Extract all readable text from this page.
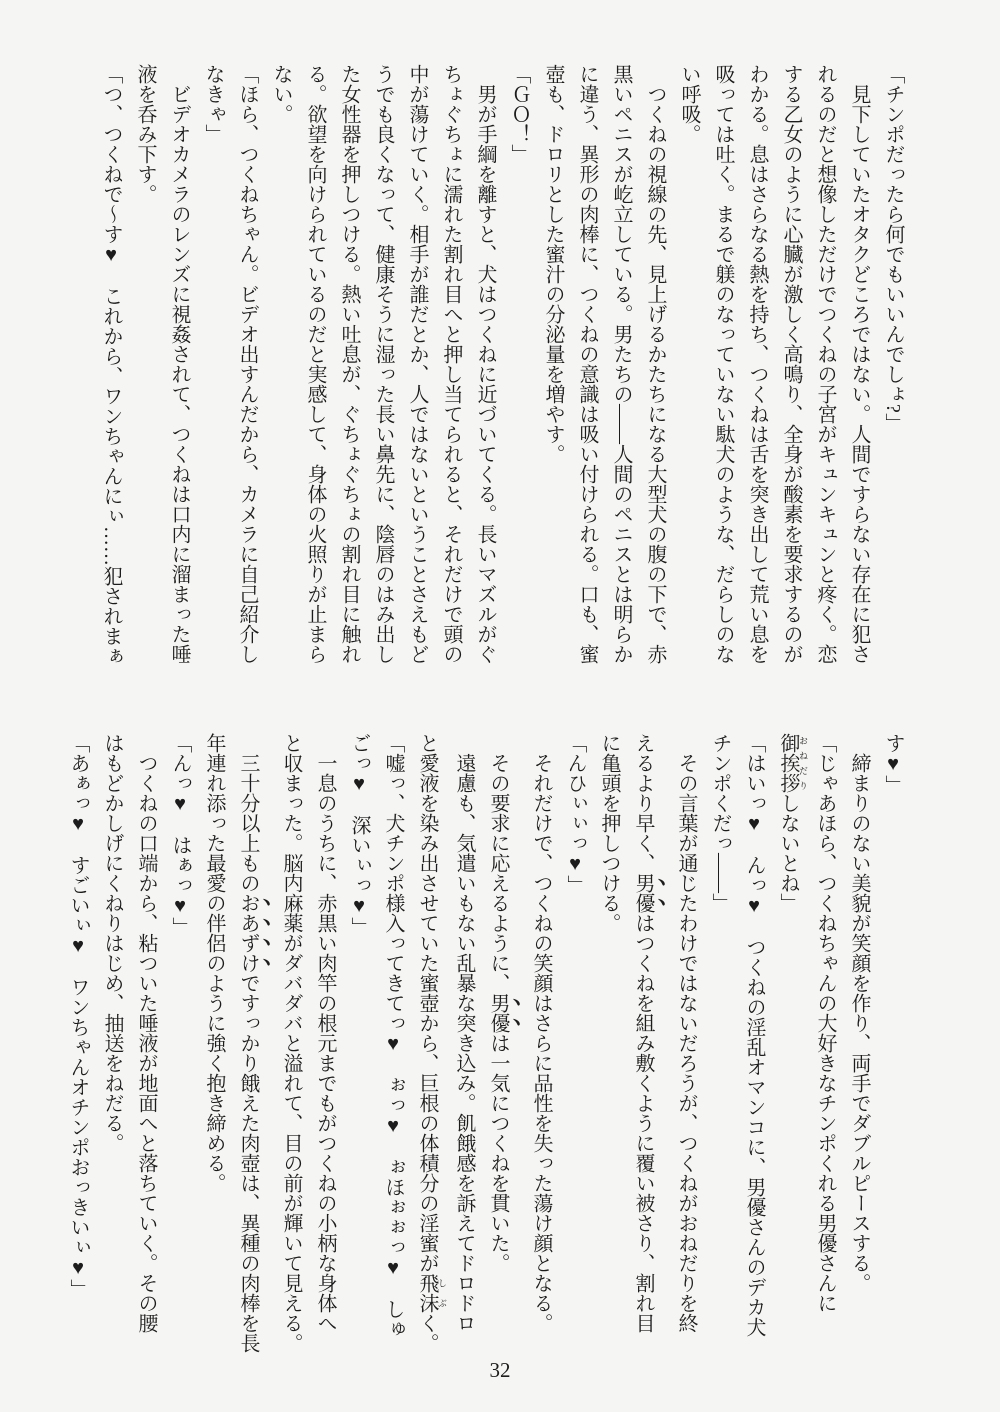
「チンポだったら何でもいいんでしょ?」
　見下していたオタクどころではない。人間ですらない存在に犯さ
れるのだと想像しただけでつくねの子宮がキュンキュンと疼く。恋
する乙女のように心臓が激しく高鳴り、全身が酸素を要求するのが
わかる。息はさらなる熱を持ち、つくねは舌を突き出して荒い息を
吸っては吐く。まるで躾のなっていない駄犬のような、だらしのな
い呼吸。
　つくねの視線の先、見上げるかたちになる大型犬の腹の下で、赤
黒いペニスが屹立している。男たちの――人間のペニスとは明らか
に違う、異形の肉棒に、つくねの意識は吸い付けられる。口も、蜜
壺も、ドロリとした蜜汁の分泌量を増やす。
「ＧＯ！」
　男が手綱を離すと、犬はつくねに近づいてくる。長いマズルがぐ
ちょぐちょに濡れた割れ目へと押し当てられると、それだけで頭の
中が蕩けていく。相手が誰だとか、人ではないということさえもど
うでも良くなって、健康そうに湿った長い鼻先に、陰唇のはみ出し
た女性器を押しつける。熱い吐息が、ぐちょぐちょの割れ目に触れ
る。欲望を向けられているのだと実感して、身体の火照りが止まら
ない。
「ほら、つくねちゃん。ビデオ出すんだから、カメラに自己紹介し
なきゃ」
　ビデオカメラのレンズに視姦されて、つくねは口内に溜まった唾
液を呑み下す。
「つ、つくねで～す♥　これから、ワンちゃんにぃ……犯されまぁ
す♥」
　締まりのない美貌が笑顔を作り、両手でダブルピースする。
「じゃあほら、つくねちゃんの大好きなチンポくれる男優さんに
御挨拶 おねだりしないとね」
「はいっ♥　んっ♥　つくねの淫乱オマンコに、男優さんのデカ犬
チンポくだっ――」
　その言葉が通じたわけではないだろうが、つくねがおねだりを終
えるより早く、男優はつくねを組み敷くように覆い被さり、割れ目
に亀頭を押しつける。
「んひぃぃっ♥」
　それだけで、つくねの笑顔はさらに品性を失った蕩け顔となる。
　その要求に応えるように、男優は一気につくねを貫いた。
　遠慮も、気遣いもない乱暴な突き込み。飢餓感を訴えてドロドロ
と愛液を染み出させていた蜜壺から、巨根の体積分の淫蜜が飛沫 しぶく。
「嘘っ、犬チンポ様入ってきてっ♥　ぉっ♥　ぉほぉぉっ♥　しゅ
ごっ♥　深いぃっ♥」
　一息のうちに、赤黒い肉竿の根元までもがつくねの小柄な身体へ
と収まった。脳内麻薬がダバダバと溢れて、目の前が輝いて見える。
　三十分以上ものおあずけですっかり餓えた肉壺は、異種の肉棒を長
年連れ添った最愛の伴侶のように強く抱き締める。
「んっ♥　はぁっ♥」
　つくねの口端から、粘ついた唾液が地面へと落ちていく。その腰
はもどかしげにくねりはじめ、抽送をねだる。
「あぁっ♥　すごいぃ♥　ワンちゃんオチンポおっきいぃ♥」
32
